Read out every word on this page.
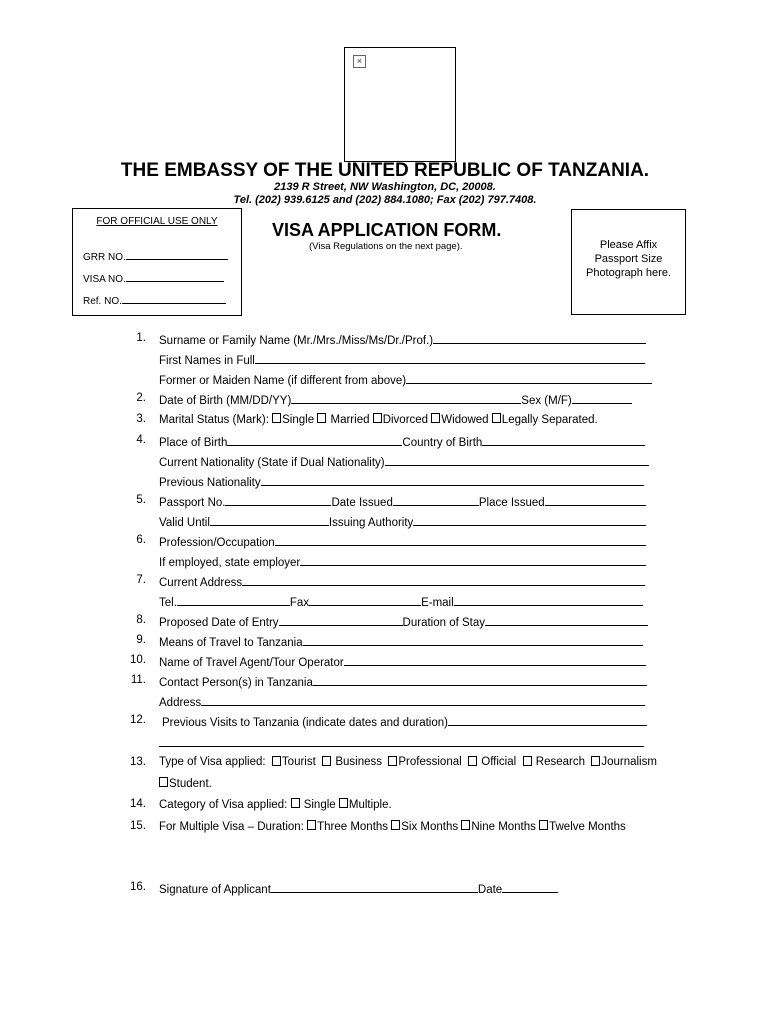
×
THE EMBASSY OF THE UNITED REPUBLIC OF TANZANIA.
2139 R Street, NW Washington, DC, 20008.
Tel. (202) 939.6125 and (202) 884.1080; Fax (202) 797.7408.
FOR OFFICIAL USE ONLY
GRR NO.
VISA NO.
Ref. NO.
VISA APPLICATION FORM.
(Visa Regulations on the next page).	Please Affix
Passport Size
Photograph here.
1. Surname or Family Name (Mr./Mrs./Miss/Ms/Dr./Prof.)
First Names in Full
Former or Maiden Name (if different from above)
2. Date of Birth (MM/DD/YY)	Sex (M/F)
3. Marital Status (Mark):
Single

Married
Divorced
Widowed
Legally Separated.
4. Place of Birth	Country of Birth
Current Nationality (State if Dual Nationality)
Previous Nationality
5. Passport No.	Date Issued	Place Issued
Valid Until	Issuing Authority
6. Profession/Occupation
If employed, state employer
7. Current Address
Tel.	Fax	E-mail
8. Proposed Date of Entry	Duration of Stay
9. Means of Travel to Tanzania
10. Name of Travel Agent/Tour Operator
11. Contact Person(s) in Tanzania
Address
12. Previous Visits to Tanzania (indicate dates and duration)
13. Type of Visa applied:	Tourist	Business	Professional	Official	Research	Journalism
Student.
14. Category of Visa applied:

Single
Multiple.
15. For Multiple Visa – Duration:
Three Months
Six Months
Nine Months
Twelve Months
16. Signature of Applicant	Date
